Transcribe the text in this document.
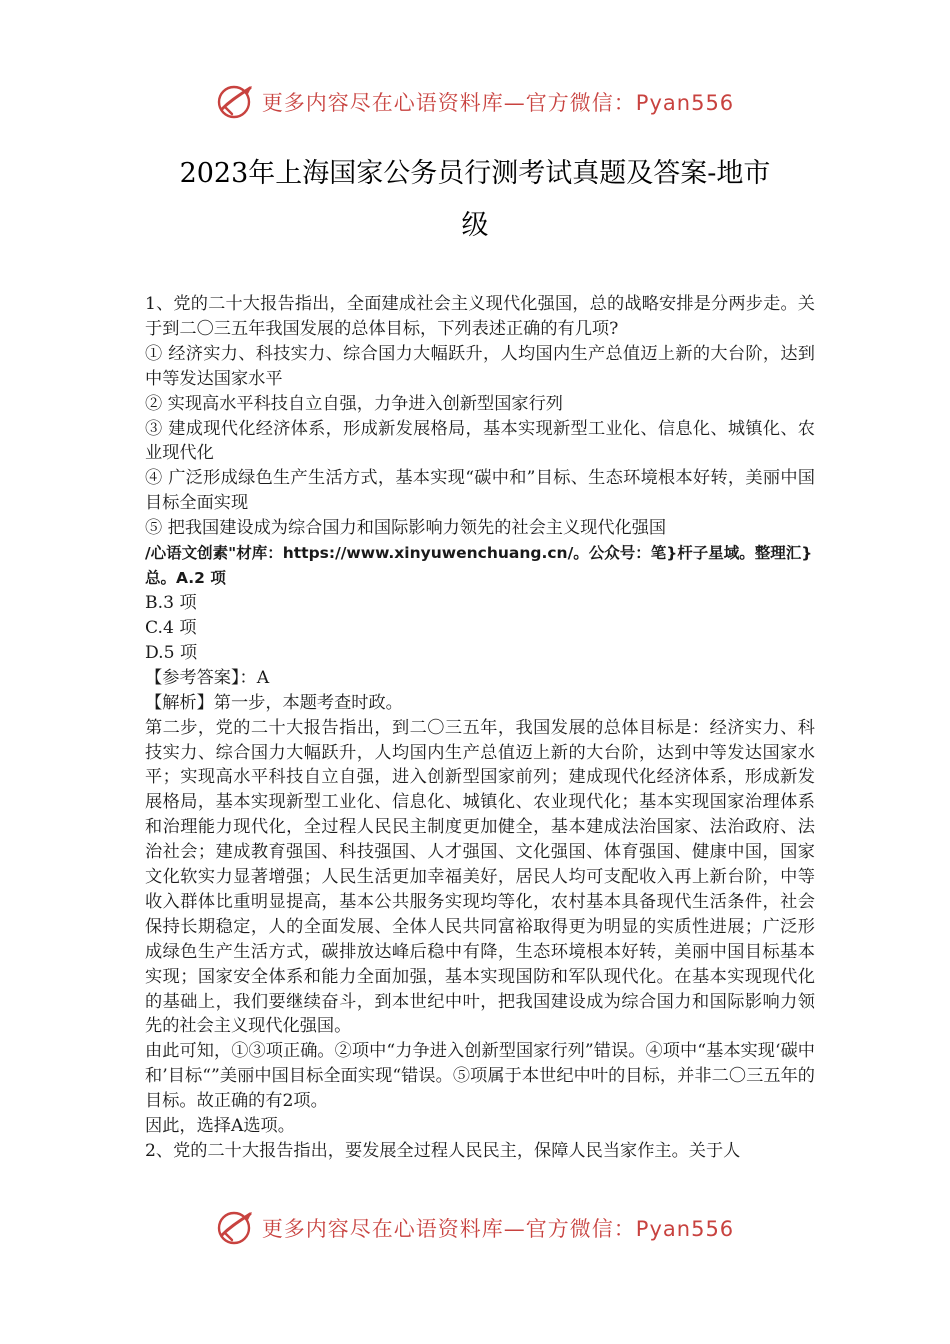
更多内容尽在心语资料库—官方微信：Pyan556
2023年上海国家公务员行测考试真题及答案-地市
级

1、党的二十大报告指出，全面建成社会主义现代化强国，总的战略安排是分两步走。关于到二〇三五年我国发展的总体目标，下列表述正确的有几项?

① 经济实力、科技实力、综合国力大幅跃升，人均国内生产总值迈上新的大台阶，达到中等发达国家水平

② 实现高水平科技自立自强，力争进入创新型国家行列

③ 建成现代化经济体系，形成新发展格局，基本实现新型工业化、信息化、城镇化、农业现代化

④ 广泛形成绿色生产生活方式，基本实现“碳中和”目标、生态环境根本好转，美丽中国目标全面实现

⑤ 把我国建设成为综合国力和国际影响力领先的社会主义现代化强国

/心语文创素"材库：https://www.xinyuwenchuang.cn/。公众号：笔}杆子星域。整理汇}总。A.2 项

B.3 项

C.4 项

D.5 项

【参考答案】：A

【解析】第一步，本题考查时政。

第二步，党的二十大报告指出，到二〇三五年，我国发展的总体目标是：经济实力、科技实力、综合国力大幅跃升，人均国内生产总值迈上新的大台阶，达到中等发达国家水平；实现高水平科技自立自强，进入创新型国家前列；建成现代化经济体系，形成新发展格局，基本实现新型工业化、信息化、城镇化、农业现代化；基本实现国家治理体系和治理能力现代化，全过程人民民主制度更加健全，基本建成法治国家、法治政府、法治社会；建成教育强国、科技强国、人才强国、文化强国、体育强国、健康中国，国家文化软实力显著增强；人民生活更加幸福美好，居民人均可支配收入再上新台阶，中等收入群体比重明显提高，基本公共服务实现均等化，农村基本具备现代生活条件，社会保持长期稳定，人的全面发展、全体人民共同富裕取得更为明显的实质性进展；广泛形成绿色生产生活方式，碳排放达峰后稳中有降，生态环境根本好转，美丽中国目标基本实现；国家安全体系和能力全面加强，基本实现国防和军队现代化。在基本实现现代化的基础上，我们要继续奋斗，到本世纪中叶，把我国建设成为综合国力和国际影响力领先的社会主义现代化强国。

由此可知，①③项正确。②项中“力争进入创新型国家行列”错误。④项中“基本实现‘碳中和’目标“”美丽中国目标全面实现“错误。⑤项属于本世纪中叶的目标，并非二〇三五年的目标。故正确的有2项。

因此，选择A选项。

2、党的二十大报告指出，要发展全过程人民民主，保障人民当家作主。关于人

更多内容尽在心语资料库—官方微信：Pyan556
